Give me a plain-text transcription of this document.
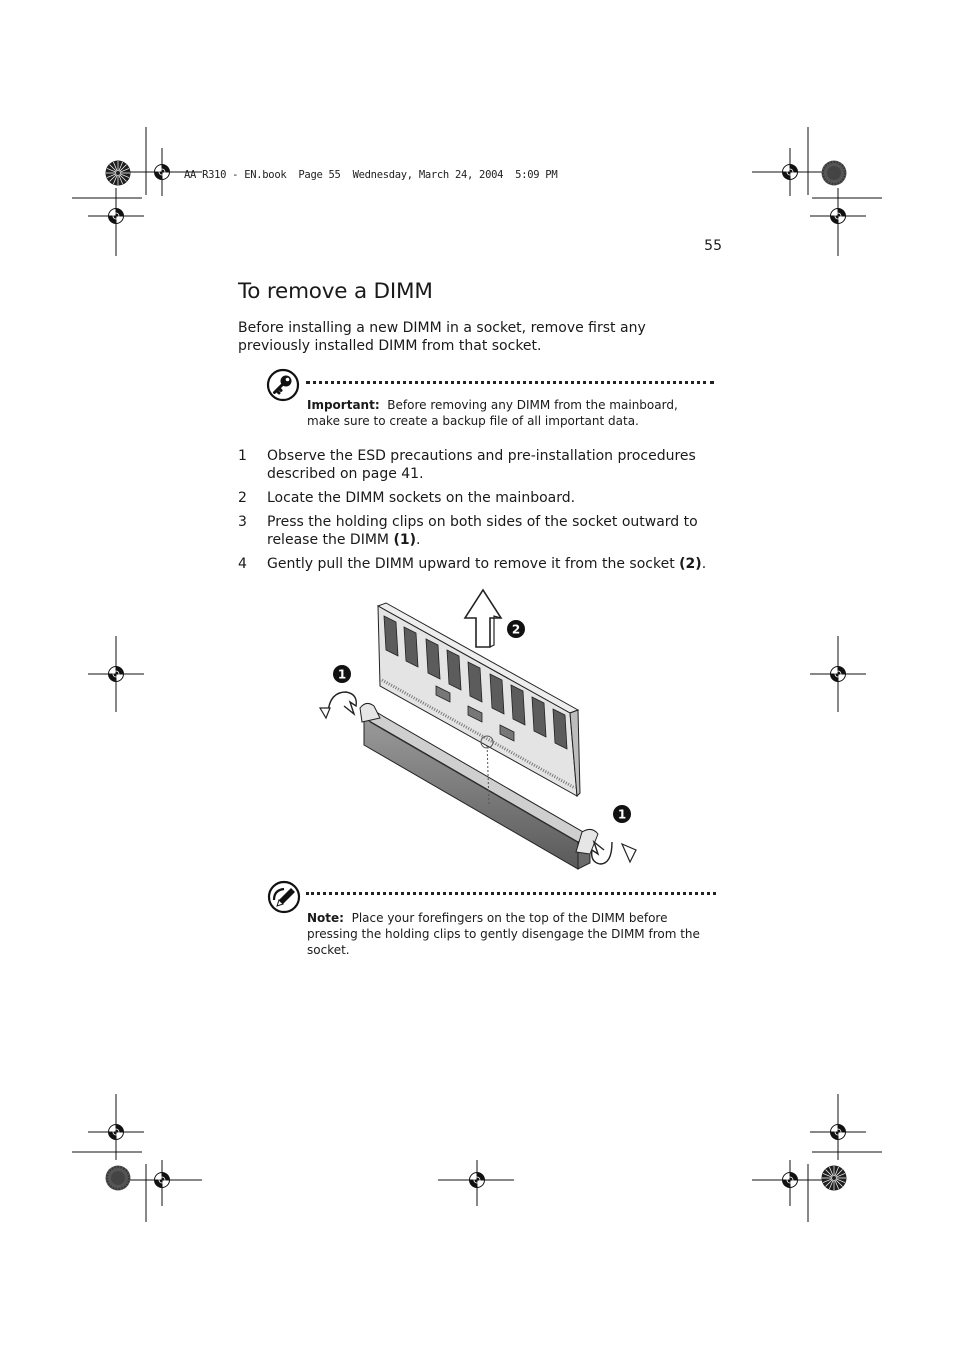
AA R310 - EN.book  Page 55  Wednesday, March 24, 2004  5:09 PM
55
To remove a DIMM

Before installing a new DIMM in a socket, remove first any previously installed DIMM from that socket.

Important: Before removing any DIMM from the mainboard, make sure to create a backup file of all important data.

1	Observe the ESD precautions and pre-installation procedures described on page 41.
2	Locate the DIMM sockets on the mainboard.
3	Press the holding clips on both sides of the socket outward to release the DIMM (1).
4	Gently pull the DIMM upward to remove it from the socket (2).
2
1
1

Note: Place your forefingers on the top of the DIMM before pressing the holding clips to gently disengage the DIMM from the socket.
